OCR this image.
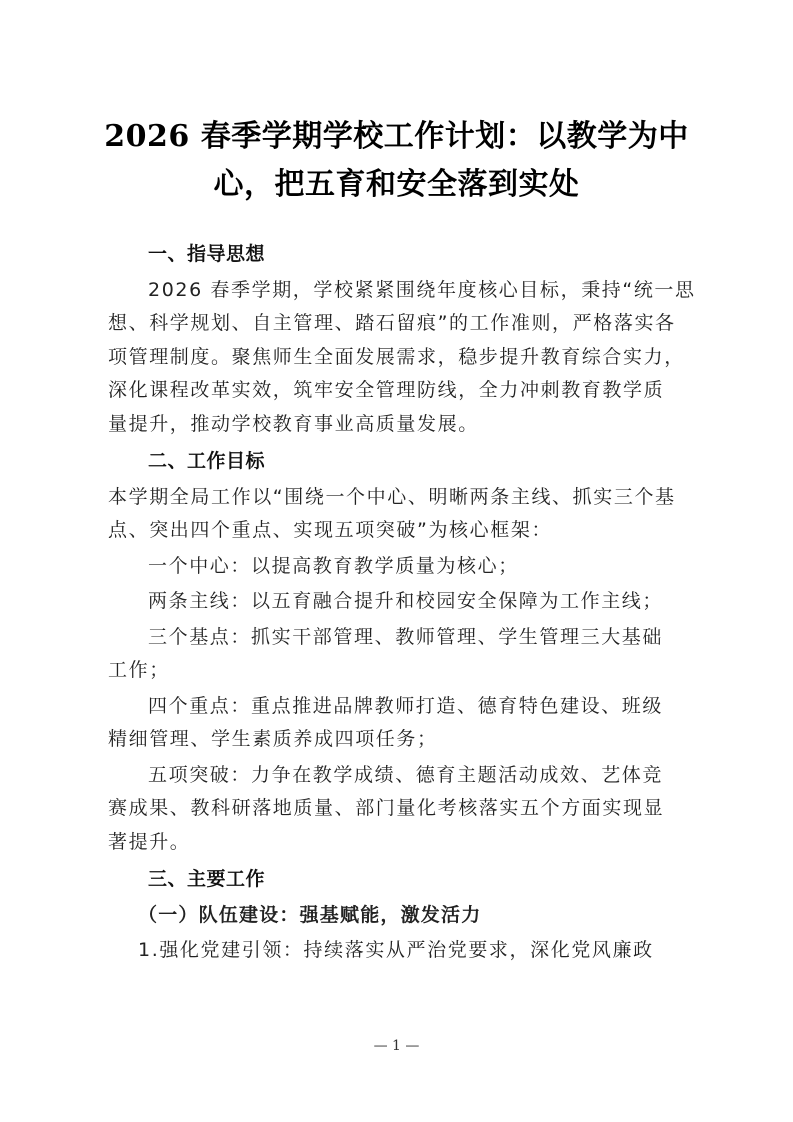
2026 春季学期学校工作计划：以教学为中
心，把五育和安全落到实处

一、指导思想

2026 春季学期，学校紧紧围绕年度核心目标，秉持“统一思

想、科学规划、自主管理、踏石留痕”的工作准则，严格落实各

项管理制度。聚焦师生全面发展需求，稳步提升教育综合实力，

深化课程改革实效，筑牢安全管理防线，全力冲刺教育教学质

量提升，推动学校教育事业高质量发展。

二、工作目标

本学期全局工作以“围绕一个中心、明晰两条主线、抓实三个基

点、突出四个重点、实现五项突破”为核心框架：

一个中心：以提高教育教学质量为核心；

两条主线：以五育融合提升和校园安全保障为工作主线；

三个基点：抓实干部管理、教师管理、学生管理三大基础

工作；

四个重点：重点推进品牌教师打造、德育特色建设、班级

精细管理、学生素质养成四项任务；

五项突破：力争在教学成绩、德育主题活动成效、艺体竞

赛成果、教科研落地质量、部门量化考核落实五个方面实现显

著提升。

三、主要工作

（一）队伍建设：强基赋能，激发活力

1.强化党建引领：持续落实从严治党要求，深化党风廉政

— 1 —
